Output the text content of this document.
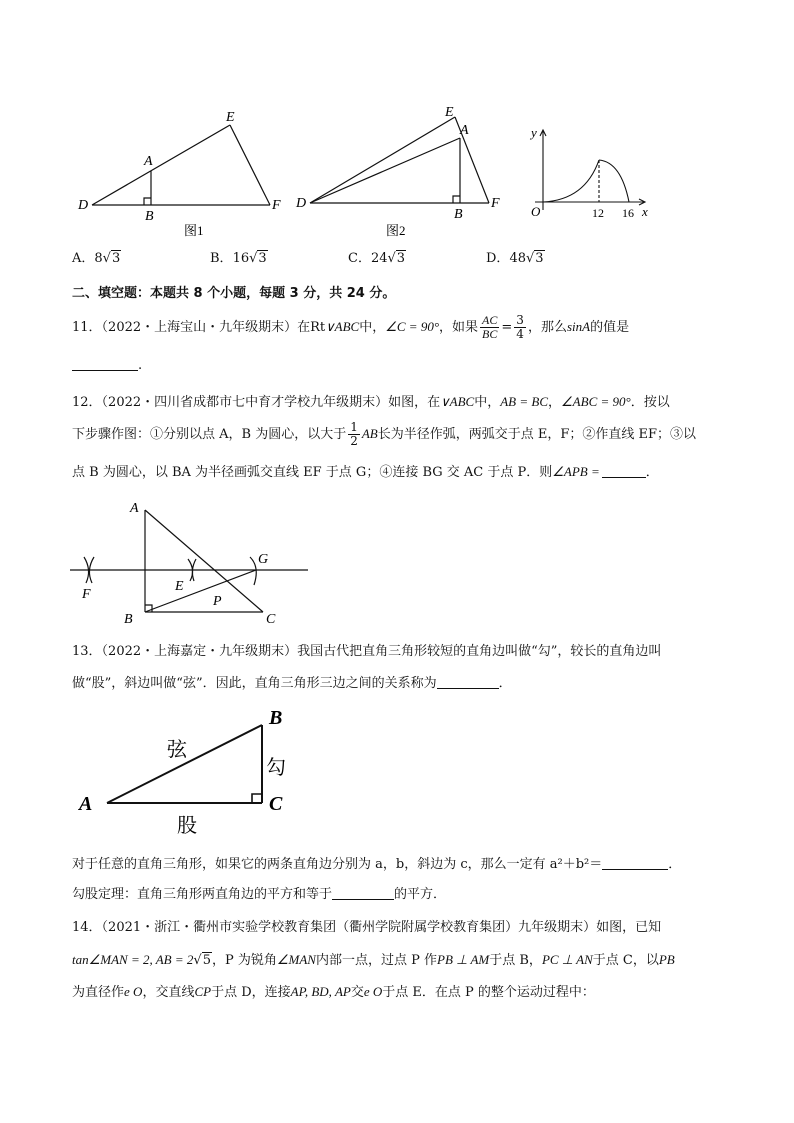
D
A
B
E
F
图1
D
E
A
B
F
图2
y
O	12 16 x
A．8√3	B．16√3	C．24√3	D．48√3
二、填空题：本题共 8 个小题，每题 3 分，共 24 分。
11．（2022・上海宝山・九年级期末）在Rt∨ABC中，∠C = 90°，如果 $\frac{AC}{BC} = \frac{3}{4}$ ，那么sinA的值是
.
12．（2022・四川省成都市七中育才学校九年级期末）如图，在∨ABC中，AB = BC，∠ABC = 90°．按以
下步骤作图：①分别以点 A，B 为圆心，以大于 $\frac{1}{2}$ AB长为半径作弧，两弧交于点 E，F；②作直线 EF；③以
点 B 为圆心，以 BA 为半径画弧交直线 EF 于点 G；④连接 BG 交 AC 于点 P．则∠APB =	．
A
G
E
F	P
B	C
13．（2022・上海嘉定・九年级期末）我国古代把直角三角形较短的直角边叫做“勾”，较长的直角边叫
做“股”，斜边叫做“弦”．因此，直角三角形三边之间的关系称为	．
B
A	C
弦
勾
股
对于任意的直角三角形，如果它的两条直角边分别为 a，b，斜边为 c，那么一定有 a²＋b²＝	．
勾股定理：直角三角形两直角边的平方和等于	的平方．
14．（2021・浙江・衢州市实验学校教育集团（衢州学院附属学校教育集团）九年级期末）如图，已知
tan∠MAN = 2, AB = 2√5，P 为锐角∠MAN内部一点，过点 P 作PB ⊥ AM于点 B，PC ⊥ AN于点 C，以PB
为直径作e O，交直线CP于点 D，连接AP, BD, AP交e O于点 E．在点 P 的整个运动过程中：
